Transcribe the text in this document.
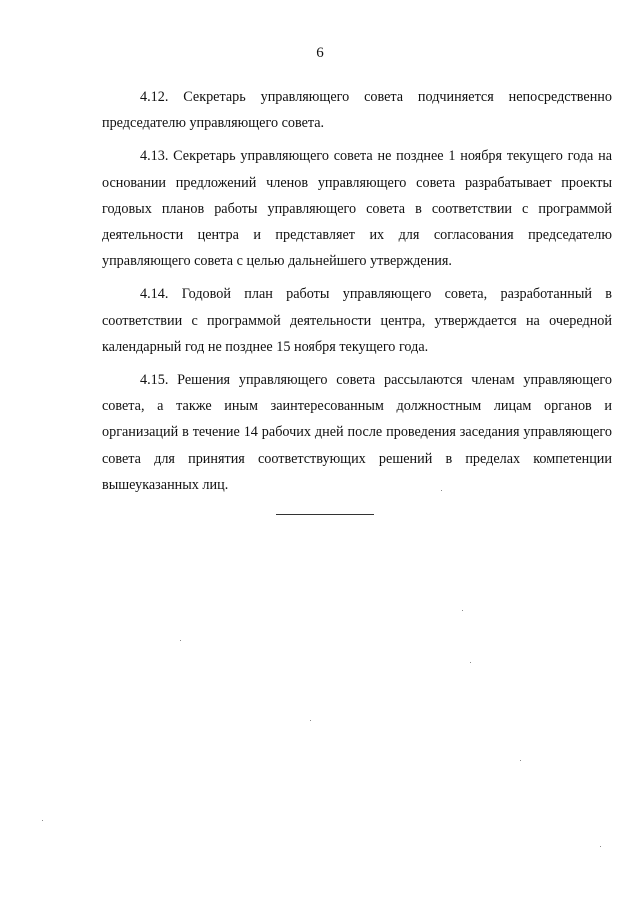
6

4.12. Секретарь управляющего совета подчиняется непосредственно председателю управляющего совета.

4.13. Секретарь управляющего совета не позднее 1 ноября текущего года на основании предложений членов управляющего совета разрабатывает проекты годовых планов работы управляющего совета в соответствии с программой деятельности центра и представляет их для согласования председателю управляющего совета с целью дальнейшего утверждения.

4.14. Годовой план работы управляющего совета, разработанный в соответствии с программой деятельности центра, утверждается на очередной календарный год не позднее 15 ноября текущего года.

4.15. Решения управляющего совета рассылаются членам управляющего совета, а также иным заинтересованным должностным лицам органов и организаций в течение 14 рабочих дней после проведения заседания управляющего совета для принятия соответствующих решений в пределах компетенции вышеуказанных лиц.
